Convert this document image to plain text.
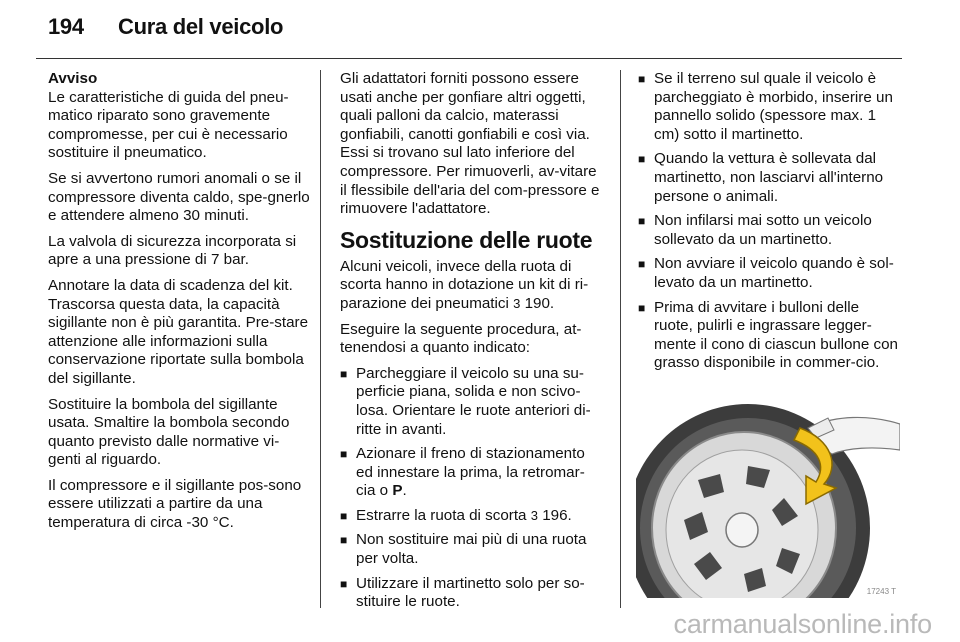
194 Cura del veicolo

Avviso
Le caratteristiche di guida del pneu-matico riparato sono gravemente compromesse, per cui è necessario sostituire il pneumatico.

Se si avvertono rumori anomali o se il compressore diventa caldo, spe-gnerlo e attendere almeno 30 minuti.

La valvola di sicurezza incorporata si apre a una pressione di 7 bar.

Annotare la data di scadenza del kit. Trascorsa questa data, la capacità sigillante non è più garantita. Pre-stare attenzione alle informazioni sulla conservazione riportate sulla bombola del sigillante.

Sostituire la bombola del sigillante usata. Smaltire la bombola secondo quanto previsto dalle normative vi-genti al riguardo.

Il compressore e il sigillante pos-sono essere utilizzati a partire da una temperatura di circa -30 °C.

Gli adattatori forniti possono essere usati anche per gonfiare altri oggetti, quali palloni da calcio, materassi gonfiabili, canotti gonfiabili e così via. Essi si trovano sul lato inferiore del compressore. Per rimuoverli, av-vitare il flessibile dell'aria del com-pressore e rimuovere l'adattatore.

Sostituzione delle ruote

Alcuni veicoli, invece della ruota di scorta hanno in dotazione un kit di ri-parazione dei pneumatici 3 190.

Eseguire la seguente procedura, at-tenendosi a quanto indicato:

■ Parcheggiare il veicolo su una su-perficie piana, solida e non scivo-losa. Orientare le ruote anteriori di-ritte in avanti.
■ Azionare il freno di stazionamento ed innestare la prima, la retromar-cia o P.
■ Estrarre la ruota di scorta 3 196.
■ Non sostituire mai più di una ruota per volta.
■ Utilizzare il martinetto solo per so-stituire le ruote.
■ Se il terreno sul quale il veicolo è parcheggiato è morbido, inserire un pannello solido (spessore max. 1 cm) sotto il martinetto.
■ Quando la vettura è sollevata dal martinetto, non lasciarvi all'interno persone o animali.
■ Non infilarsi mai sotto un veicolo sollevato da un martinetto.
■ Non avviare il veicolo quando è sol-levato da un martinetto.
■ Prima di avvitare i bulloni delle ruote, pulirli e ingrassare legger-mente il cono di ciascun bullone con grasso disponibile in commer-cio.
17243 T
carmanualsonline.info
